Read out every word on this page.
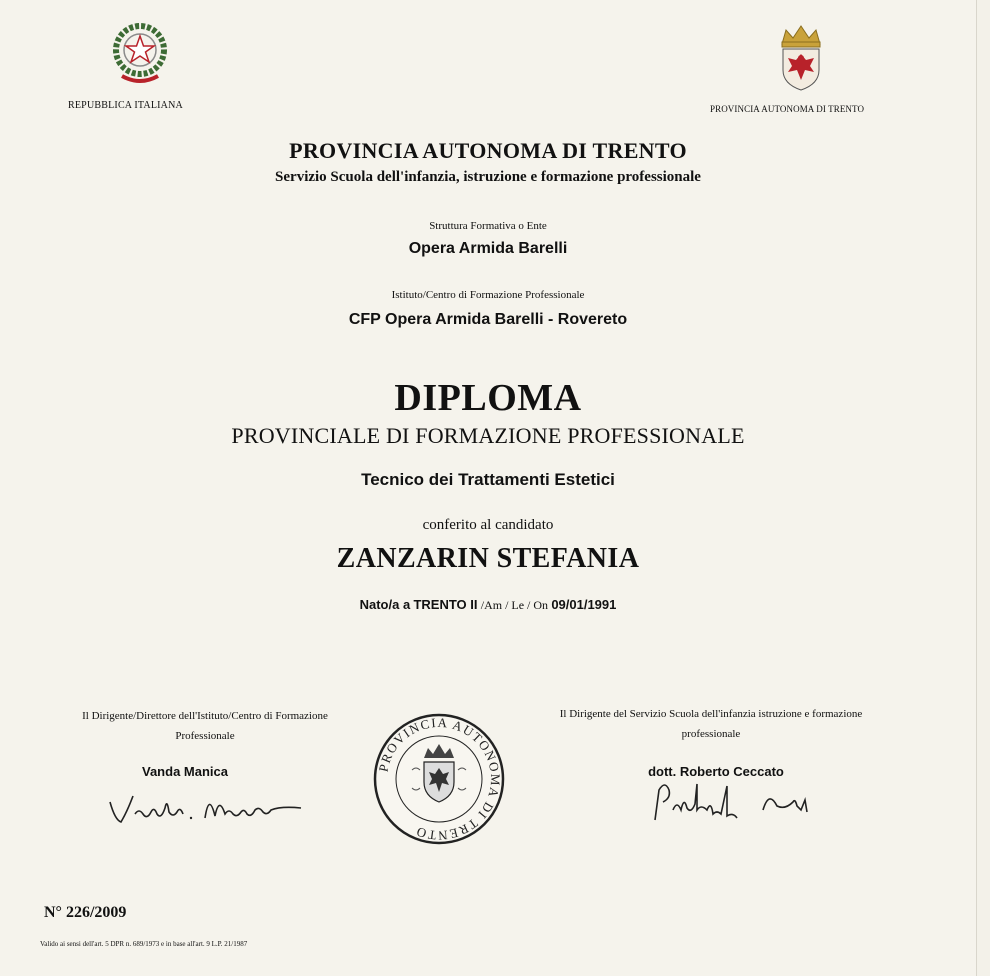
REPUBBLICA ITALIANA	PROVINCIA AUTONOMA DI TRENTO
PROVINCIA AUTONOMA DI TRENTO
Servizio Scuola dell'infanzia, istruzione e formazione professionale
Struttura Formativa o Ente
Opera Armida Barelli
Istituto/Centro di Formazione Professionale
CFP Opera Armida Barelli - Rovereto
DIPLOMA
PROVINCIALE DI FORMAZIONE PROFESSIONALE
Tecnico dei Trattamenti Estetici
conferito al candidato
ZANZARIN STEFANIA
Nato/a a TRENTO II /Am / Le / On 09/01/1991
Il Dirigente/Direttore dell'Istituto/Centro di Formazione Professionale
Vanda Manica	PROVINCIA AUTONOMA DI TRENTO
Il Dirigente del Servizio Scuola dell'infanzia istruzione e formazione professionale
dott. Roberto Ceccato
N° 226/2009
Valido ai sensi dell'art. 5 DPR n. 689/1973 e in base all'art. 9 L.P. 21/1987
